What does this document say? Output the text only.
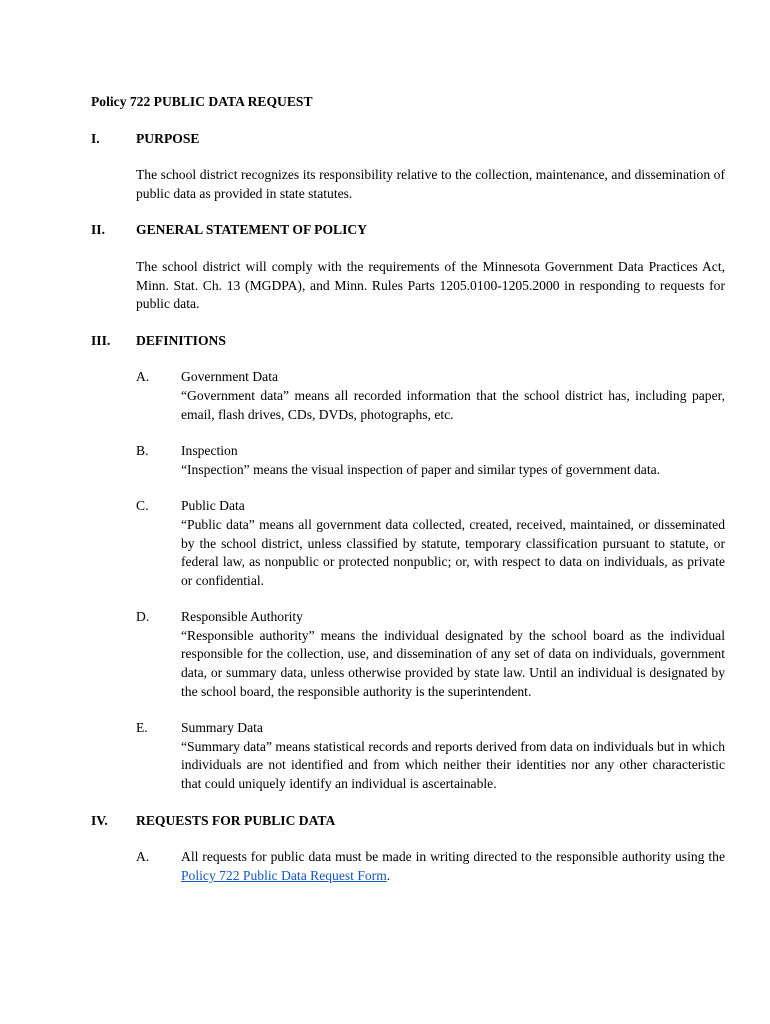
Policy 722 PUBLIC DATA REQUEST
I.	PURPOSE
The school district recognizes its responsibility relative to the collection, maintenance, and dissemination of public data as provided in state statutes.
II.	GENERAL STATEMENT OF POLICY
The school district will comply with the requirements of the Minnesota Government Data Practices Act, Minn. Stat. Ch. 13 (MGDPA), and Minn. Rules Parts 1205.0100-1205.2000 in responding to requests for public data.
III.	DEFINITIONS
A.	Government Data
“Government data” means all recorded information that the school district has, including paper, email, flash drives, CDs, DVDs, photographs, etc.
B.	Inspection
“Inspection” means the visual inspection of paper and similar types of government data.
C.	Public Data
“Public data” means all government data collected, created, received, maintained, or disseminated by the school district, unless classified by statute, temporary classification pursuant to statute, or federal law, as nonpublic or protected nonpublic; or, with respect to data on individuals, as private or confidential.
D.	Responsible Authority
“Responsible authority” means the individual designated by the school board as the individual responsible for the collection, use, and dissemination of any set of data on individuals, government data, or summary data, unless otherwise provided by state law. Until an individual is designated by the school board, the responsible authority is the superintendent.
E.	Summary Data
“Summary data” means statistical records and reports derived from data on individuals but in which individuals are not identified and from which neither their identities nor any other characteristic that could uniquely identify an individual is ascertainable.
IV.	REQUESTS FOR PUBLIC DATA
A.	All requests for public data must be made in writing directed to the responsible authority using the Policy 722 Public Data Request Form.
